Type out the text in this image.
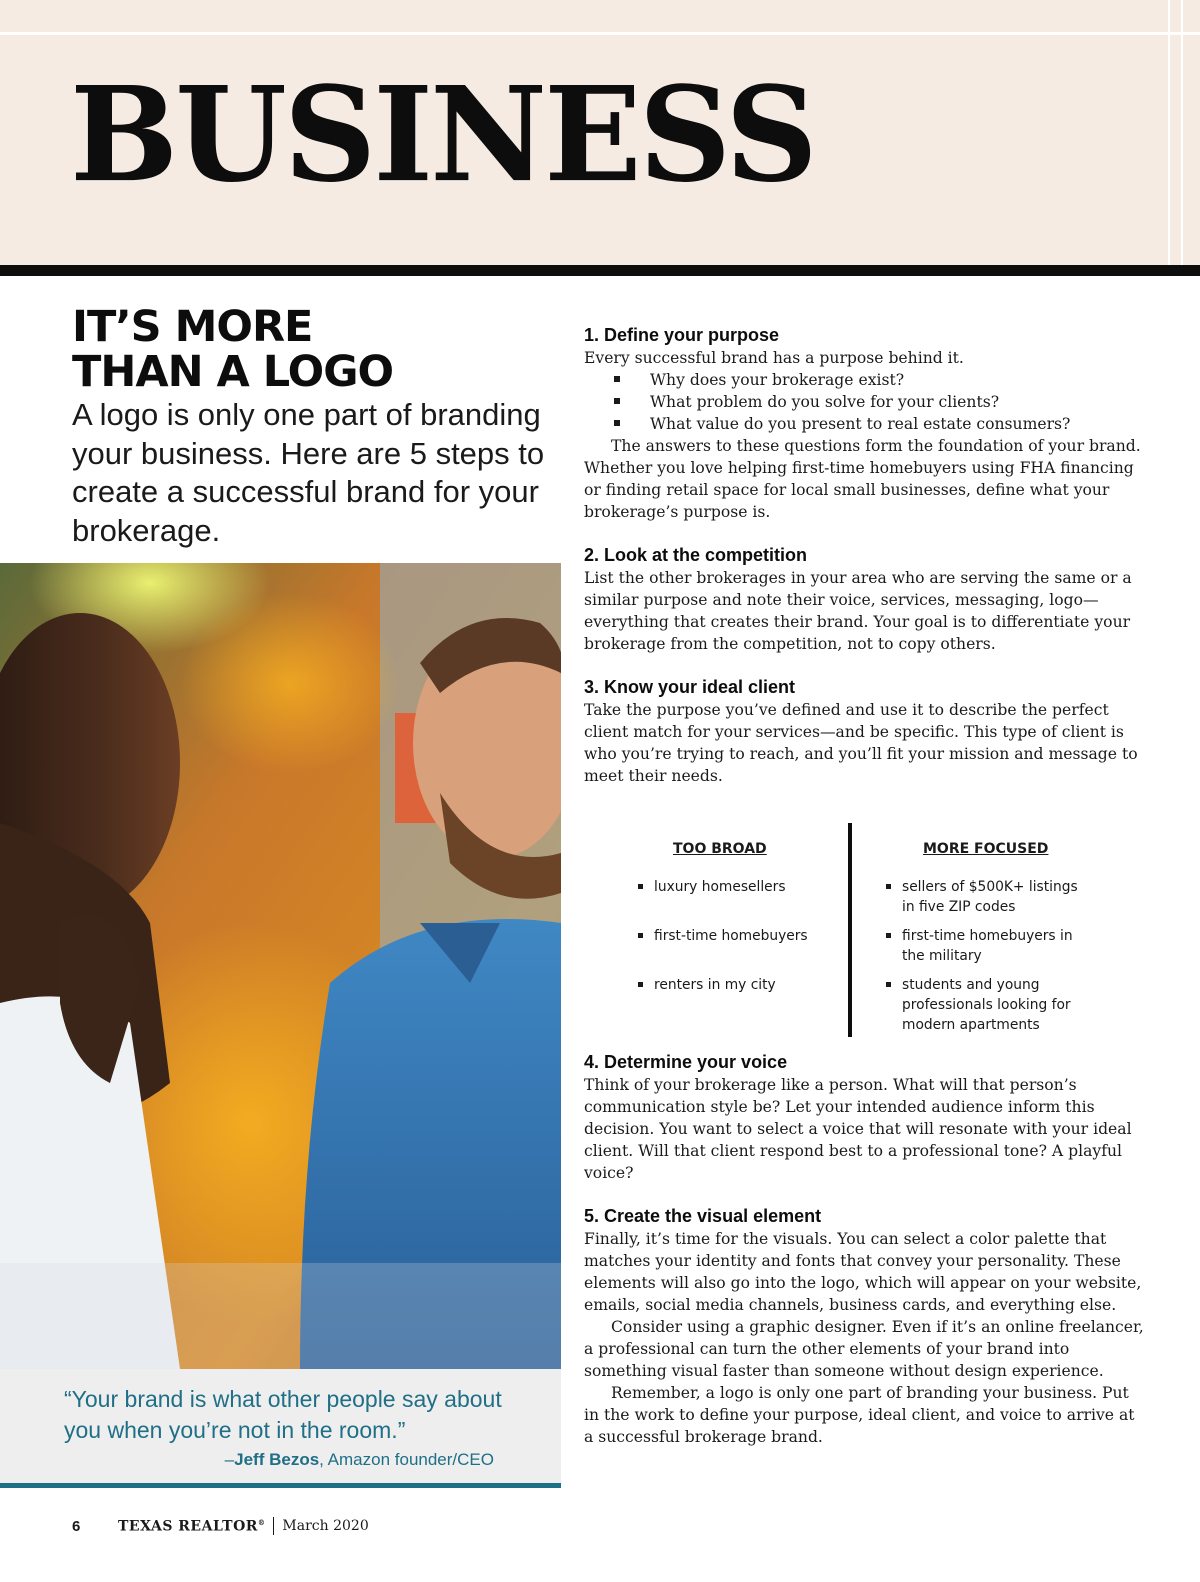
BUSINESS
IT’S MORE
THAN A LOGO
A logo is only one part of branding your business. Here are 5 steps to create a successful brand for your brokerage.
“Your brand is what other people say about you when you’re not in the room.”
–Jeff Bezos, Amazon founder/CEO
6	TEXAS REALTOR® March 2020
1. Define your purpose
Every successful brand has a purpose behind it.
Why does your brokerage exist?
What problem do you solve for your clients?
What value do you present to real estate consumers?
The answers to these questions form the foundation of your brand. Whether you love helping first-time homebuyers using FHA financing or finding retail space for local small businesses, define what your brokerage’s purpose is.
2. Look at the competition
List the other brokerages in your area who are serving the same or a similar purpose and note their voice, services, messaging, logo—everything that creates their brand. Your goal is to differentiate your brokerage from the competition, not to copy others.
3. Know your ideal client
Take the purpose you’ve defined and use it to describe the perfect client match for your services—and be specific. This type of client is who you’re trying to reach, and you’ll fit your mission and message to meet their needs.
TOO BROAD
luxury homesellers
first-time homebuyers
renters in my city
MORE FOCUSED
sellers of $500K+ listings in five ZIP codes
first-time homebuyers in the military
students and young professionals looking for modern apartments
4. Determine your voice
Think of your brokerage like a person. What will that person’s communication style be? Let your intended audience inform this decision. You want to select a voice that will resonate with your ideal client. Will that client respond best to a professional tone? A playful voice?
5. Create the visual element
Finally, it’s time for the visuals. You can select a color palette that matches your identity and fonts that convey your personality. These elements will also go into the logo, which will appear on your website, emails, social media channels, business cards, and everything else.
Consider using a graphic designer. Even if it’s an online freelancer, a professional can turn the other elements of your brand into something visual faster than someone without design experience.
Remember, a logo is only one part of branding your business. Put in the work to define your purpose, ideal client, and voice to arrive at a successful brokerage brand.
